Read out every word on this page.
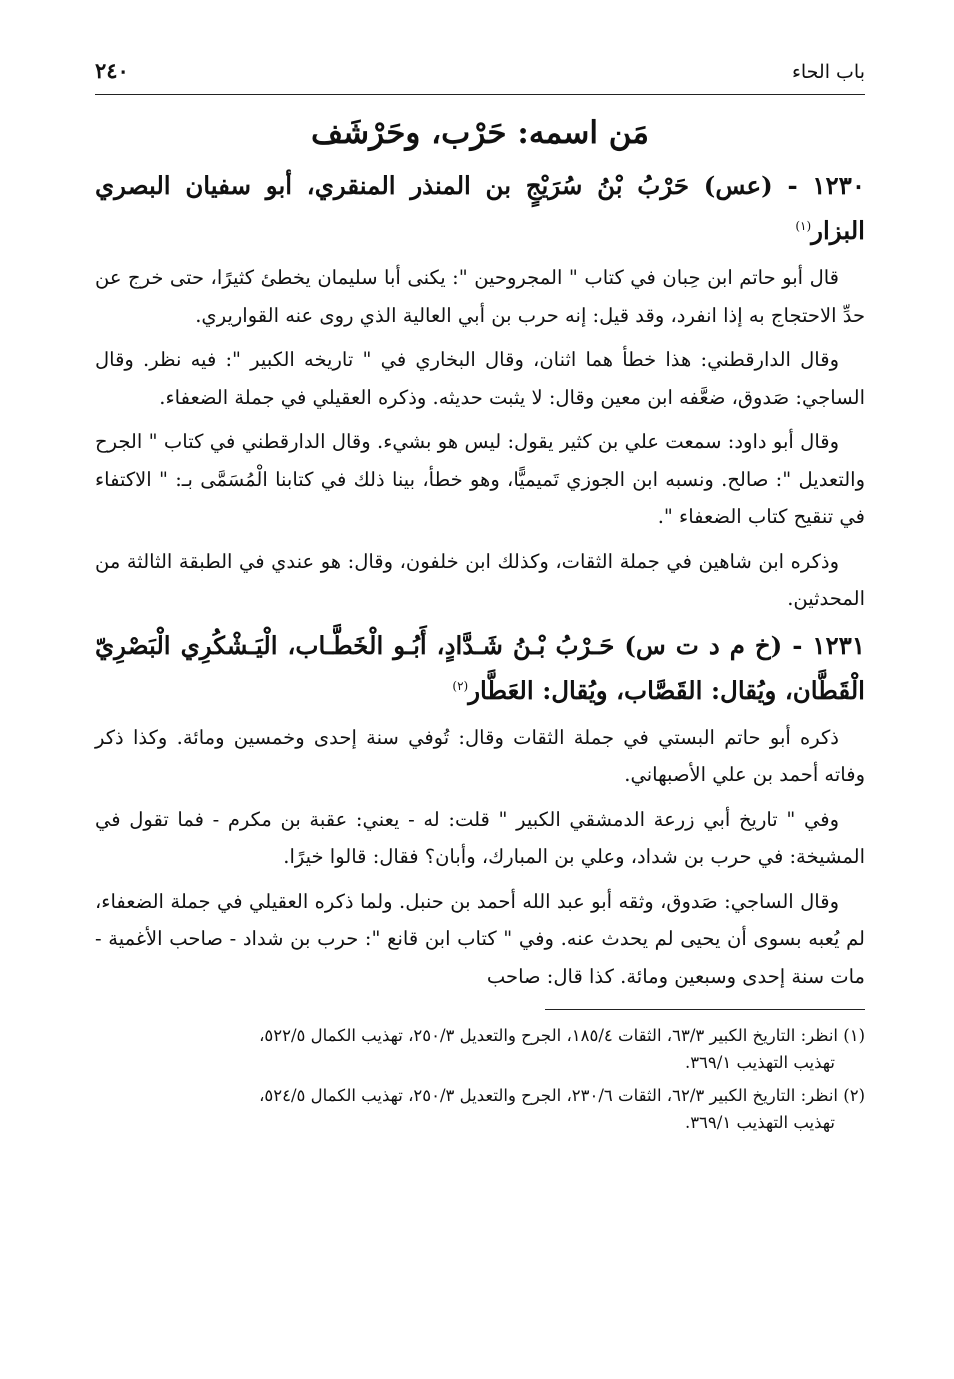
باب الحاء
٢٤٠
مَن اسمه: حَرْب، وحَرْشَف
١٢٣٠ - (عس) حَرْبُ بْنُ سُرَيْجٍ بن المنذر المنقري، أبو سفيان البصري البزار$^{(١)}$

قال أبو حاتم ابن حِبان في كتاب " المجروحين ": يكنى أبا سليمان يخطئ كثيرًا، حتى خرج عن حدِّ الاحتجاج به إذا انفرد، وقد قيل: إنه حرب بن أبي العالية الذي روى عنه القواريري.

وقال الدارقطني: هذا خطأ هما اثنان، وقال البخاري في " تاريخه الكبير ": فيه نظر. وقال الساجي: صَدوق، ضعَّفه ابن معين وقال: لا يثبت حديثه. وذكره العقيلي في جملة الضعفاء.

وقال أبو داود: سمعت علي بن كثير يقول: ليس هو بشيء. وقال الدارقطني في كتاب " الجرح والتعديل ": صالح. ونسبه ابن الجوزي تَميميًّا، وهو خطأ، بينا ذلك في كتابنا الْمُسَمَّى بـ: " الاكتفاء في تنقيح كتاب الضعفاء ".

وذكره ابن شاهين في جملة الثقات، وكذلك ابن خلفون، وقال: هو عندي في الطبقة الثالثة من المحدثين.

١٢٣١ - (خ م د ت س) حَـرْبُ بْـنُ شَـدَّادٍ، أَبُـو الْخَطَّـاب، الْيَـشْكُرِي الْبَصْرِيّ الْقَطَّان، ويُقال: القَصَّاب، ويُقال: العَطَّار$^{(٢)}$

ذكره أبو حاتم البستي في جملة الثقات وقال: تُوفي سنة إحدى وخمسين ومائة. وكذا ذكر وفاته أحمد بن علي الأصبهاني.

وفي " تاريخ أبي زرعة الدمشقي الكبير " قلت: له - يعني: عقبة بن مكرم - فما تقول في المشيخة: في حرب بن شداد، وعلي بن المبارك، وأبان؟ فقال: قالوا خيرًا.

وقال الساجي: صَدوق، وثقه أبو عبد الله أحمد بن حنبل. ولما ذكره العقيلي في جملة الضعفاء، لم يُعبه بسوى أن يحيى لم يحدث عنه. وفي " كتاب ابن قانع ": حرب بن شداد - صاحب الأغمية - مات سنة إحدى وسبعين ومائة. كذا قال: صاحب

(١) انظر: التاريخ الكبير ٦٣/٣، الثقات ١٨٥/٤، الجرح والتعديل ٢٥٠/٣، تهذيب الكمال ٥٢٢/٥،
تهذيب التهذيب ٣٦٩/١.
(٢) انظر: التاريخ الكبير ٦٢/٣، الثقات ٢٣٠/٦، الجرح والتعديل ٢٥٠/٣، تهذيب الكمال ٥٢٤/٥،
تهذيب التهذيب ٣٦٩/١.
